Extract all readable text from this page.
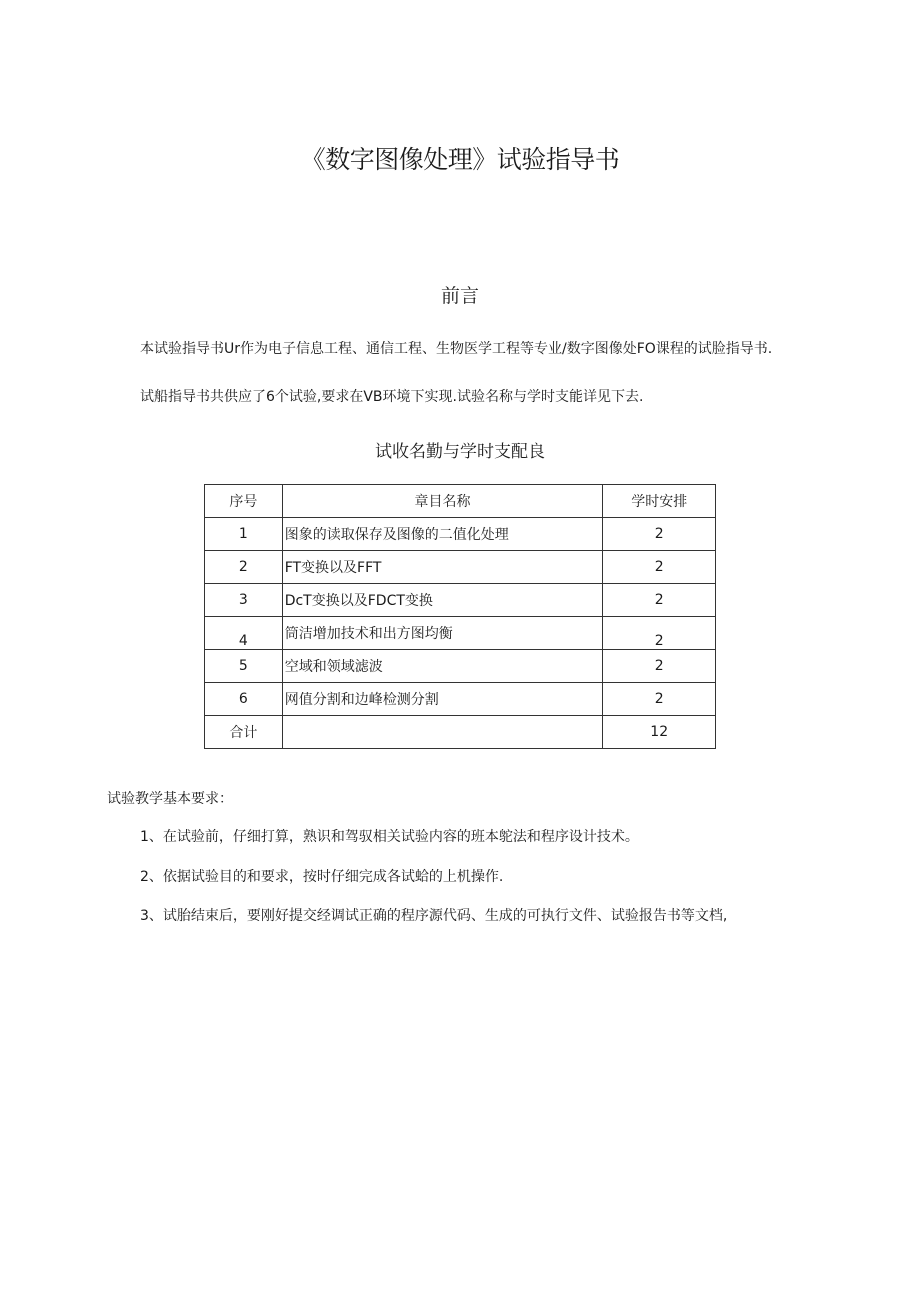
《数字图像处理》试验指导书
前言
本试验指导书Ur作为电子信息工程、通信工程、生物医学工程等专业/数字图像处FO课程的试脸指导书.
试船指导书共供应了6个试验,要求在VB环境下实现.试验名称与学时支能详见下去.
试收名勤与学时支配良
序号	章目名称	学时安排
1	图象的读取保存及图像的二值化处理	2
2	FT变换以及FFT	2
3	DcT变换以及FDCT变换	2
4	筒洁增加技术和出方图均衡	2
5	空域和领域滤波	2
6	网值分割和边峰检测分割	2
合计		12
试验教学基本要求：
1、在试验前，仔细打算，熟识和驾驭相关试验内容的班本鸵法和程序设计技术。
2、依据试验目的和要求，按时仔细完成各试蛤的上机操作.
3、试胎结束后，要刚好提交经调试正确的程序源代码、生成的可执行文件、试验报告书等文档,
